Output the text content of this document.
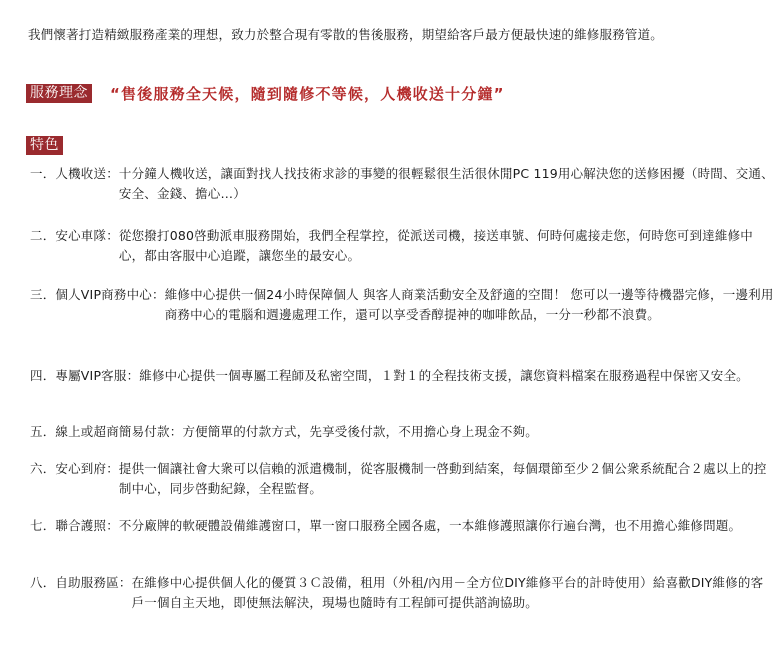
我們懷著打造精緻服務產業的理想，致力於整合現有零散的售後服務，期望給客戶最方便最快速的維修服務管道。
服務理念 “售後服務全天候，隨到隨修不等候，人機收送十分鐘”
特色
一．人機收送： 十分鐘人機收送，讓面對找人找技術求診的事變的很輕鬆很生活很休閒PC 119用心解決您的送修困擾（時間、交通、安全、金錢、擔心…）
二．安心車隊： 從您撥打080啓動派車服務開始，我們全程掌控，從派送司機，接送車號、何時何處接走您，何時您可到達維修中心，都由客服中心追蹤，讓您坐的最安心。
三．個人VIP商務中心： 維修中心提供一個24小時保障個人 與客人商業活動安全及舒適的空間！ 您可以一邊等待機器完修，一邊利用商務中心的電腦和週邊處理工作，還可以享受香醇提神的咖啡飲品，一分一秒都不浪費。
四．專屬VIP客服： 維修中心提供一個專屬工程師及私密空間，１對１的全程技術支援，讓您資料檔案在服務過程中保密又安全。
五．線上或超商簡易付款： 方便簡單的付款方式，先享受後付款，不用擔心身上現金不夠。
六．安心到府： 提供一個讓社會大衆可以信賴的派遣機制，從客服機制一啓動到結案，每個環節至少２個公衆系統配合２處以上的控制中心，同步啓動紀錄，全程監督。
七．聯合護照： 不分廠牌的軟硬體設備維護窗口，單一窗口服務全國各處，一本維修護照讓你行遍台灣，也不用擔心維修問題。
八．自助服務區： 在維修中心提供個人化的優質３Ｃ設備，租用（外租/內用－全方位DIY維修平台的計時使用）給喜歡DIY維修的客戶一個自主天地，即使無法解決，現場也隨時有工程師可提供諮詢協助。
